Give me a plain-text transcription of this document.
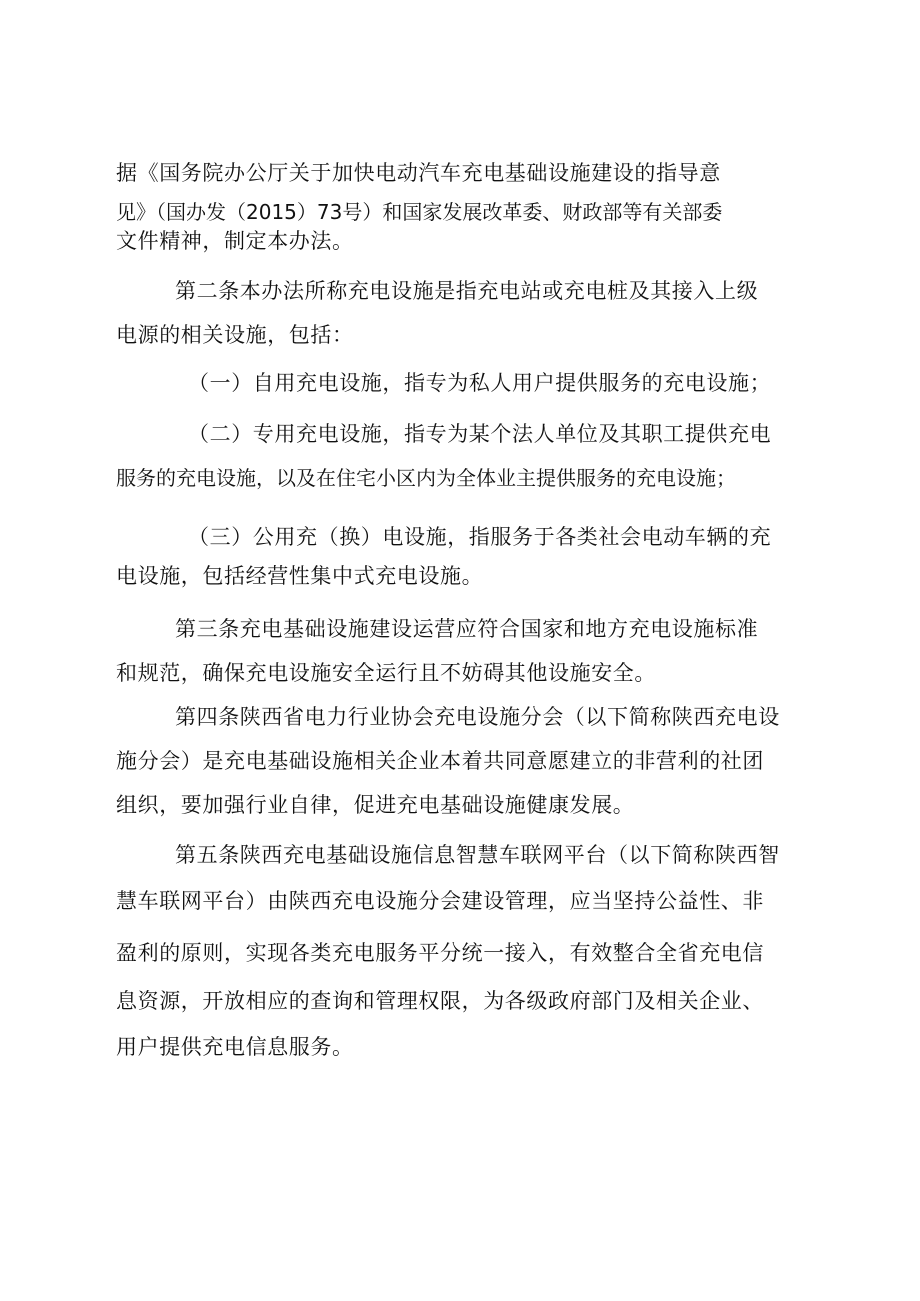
据《国务院办公厅关于加快电动汽车充电基础设施建设的指导意
见》（国办发（2015）73号）和国家发展改革委、财政部等有关部委
文件精神，制定本办法。
第二条本办法所称充电设施是指充电站或充电桩及其接入上级
电源的相关设施，包括：
（一）自用充电设施，指专为私人用户提供服务的充电设施；
（二）专用充电设施，指专为某个法人单位及其职工提供充电
服务的充电设施，以及在住宅小区内为全体业主提供服务的充电设施；
（三）公用充（换）电设施，指服务于各类社会电动车辆的充
电设施，包括经营性集中式充电设施。
第三条充电基础设施建设运营应符合国家和地方充电设施标准
和规范，确保充电设施安全运行且不妨碍其他设施安全。
第四条陕西省电力行业协会充电设施分会（以下简称陕西充电设
施分会）是充电基础设施相关企业本着共同意愿建立的非营利的社团
组织，要加强行业自律，促进充电基础设施健康发展。
第五条陕西充电基础设施信息智慧车联网平台（以下简称陕西智
慧车联网平台）由陕西充电设施分会建设管理，应当坚持公益性、非
盈利的原则，实现各类充电服务平分统一接入，有效整合全省充电信
息资源，开放相应的查询和管理权限，为各级政府部门及相关企业、
用户提供充电信息服务。
